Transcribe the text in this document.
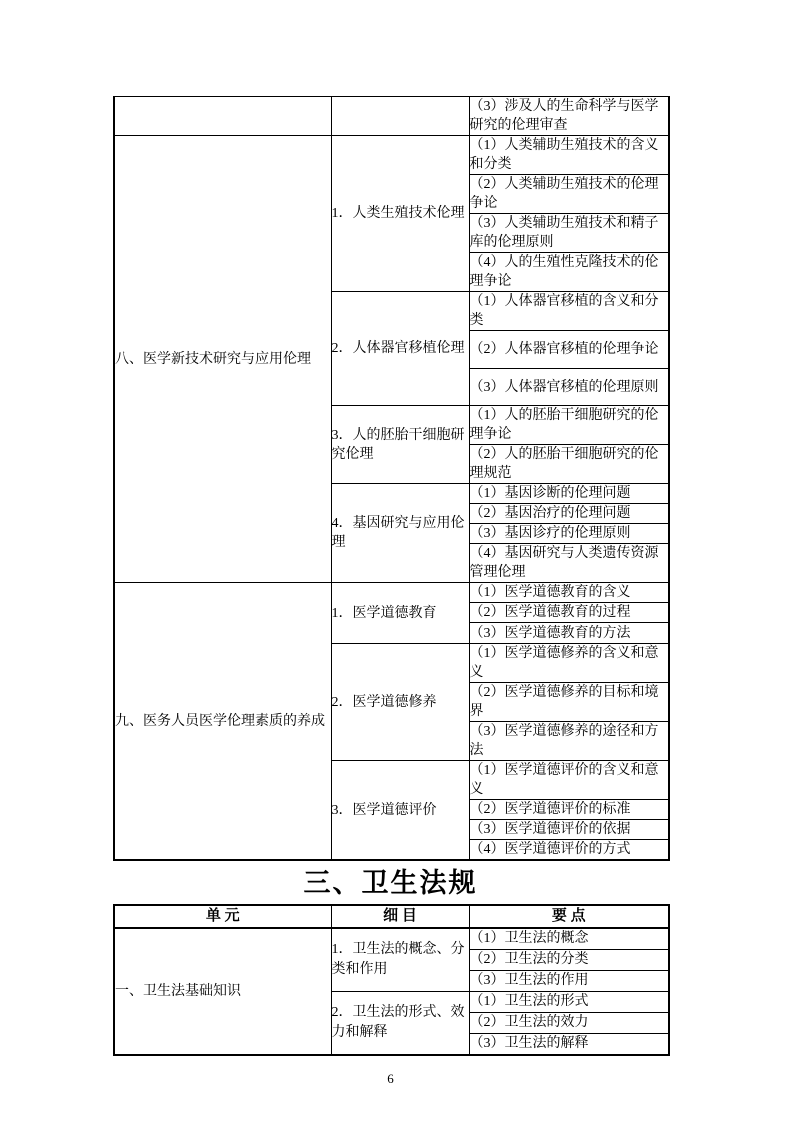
		（3）涉及人的生命科学与医学研究的伦理审查
八、医学新技术研究与应用伦理	1．人类生殖技术伦理	（1）人类辅助生殖技术的含义和分类
		（2）人类辅助生殖技术的伦理争论
		（3）人类辅助生殖技术和精子库的伦理原则
		（4）人的生殖性克隆技术的伦理争论
	2．人体器官移植伦理	（1）人体器官移植的含义和分类
		（2）人体器官移植的伦理争论
		（3）人体器官移植的伦理原则
	3．人的胚胎干细胞研究伦理	（1）人的胚胎干细胞研究的伦理争论
		（2）人的胚胎干细胞研究的伦理规范
	4．基因研究与应用伦理	（1）基因诊断的伦理问题
		（2）基因治疗的伦理问题
		（3）基因诊疗的伦理原则
		（4）基因研究与人类遗传资源管理伦理
九、医务人员医学伦理素质的养成	1．医学道德教育	（1）医学道德教育的含义
		（2）医学道德教育的过程
		（3）医学道德教育的方法
	2．医学道德修养	（1）医学道德修养的含义和意义
		（2）医学道德修养的目标和境界
		（3）医学道德修养的途径和方法
	3．医学道德评价	（1）医学道德评价的含义和意义
		（2）医学道德评价的标准
		（3）医学道德评价的依据
		（4）医学道德评价的方式
三、卫生法规
单 元	细 目	要 点
一、卫生法基础知识	1．卫生法的概念、分类和作用	（1）卫生法的概念
		（2）卫生法的分类
		（3）卫生法的作用
	2．卫生法的形式、效力和解释	（1）卫生法的形式
		（2）卫生法的效力
		（3）卫生法的解释
6
